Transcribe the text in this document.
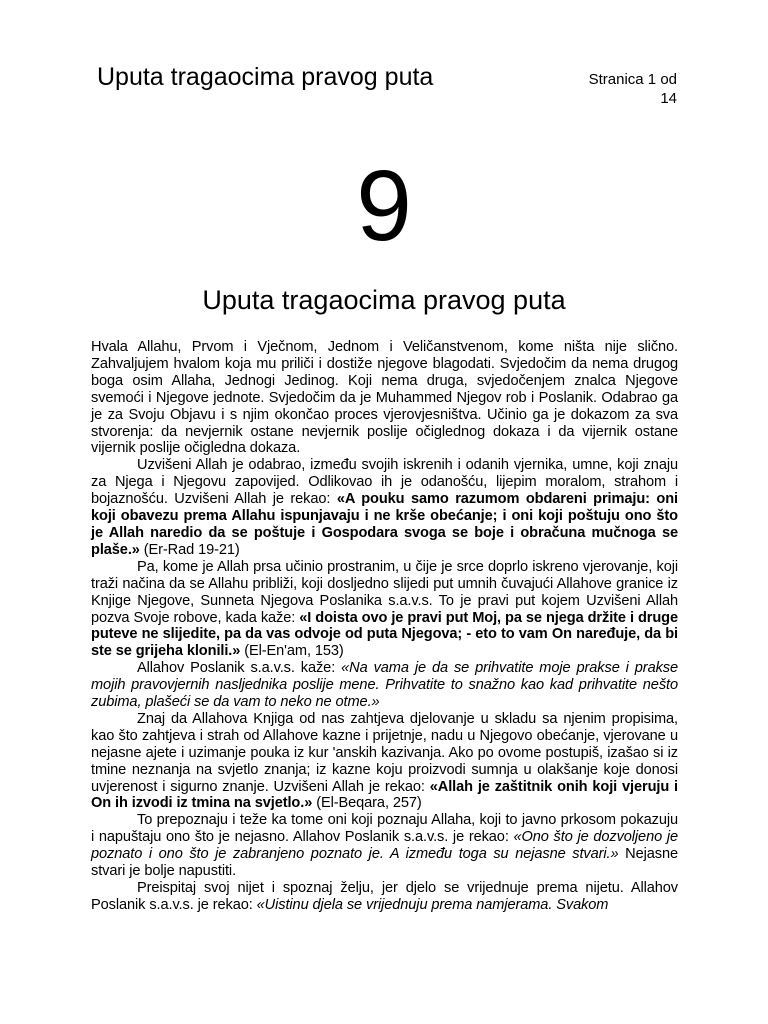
Uputa tragaocima pravog puta	Stranica 1 od
14
9
Uputa tragaocima pravog puta

Hvala Allahu, Prvom i Vječnom, Jednom i Veličanstvenom, kome ništa nije slično. Zahvaljujem hvalom koja mu priliči i dostiže njegove blagodati. Svjedočim da nema drugog boga osim Allaha, Jednogi Jedinog. Koji nema druga, svjedočenjem znalca Njegove svemoći i Njegove jednote. Svjedočim da je Muhammed Njegov rob i Poslanik. Odabrao ga je za Svoju Objavu i s njim okončao proces vjerovjesništva. Učinio ga je dokazom za sva stvorenja: da nevjernik ostane nevjernik poslije očiglednog dokaza i da vijernik ostane vijernik poslije očigledna dokaza.

Uzvišeni Allah je odabrao, između svojih iskrenih i odanih vjernika, umne, koji znaju za Njega i Njegovu zapovijed. Odlikovao ih je odanošću, lijepim moralom, strahom i bojaznošću. Uzvišeni Allah je rekao: «A pouku samo razumom obdareni primaju: oni koji obavezu prema Allahu ispunjavaju i ne krše obećanje; i oni koji poštuju ono što je Allah naredio da se poštuje i Gospodara svoga se boje i obračuna mučnoga se plaše.» (Er-Rad 19-21)

Pa, kome je Allah prsa učinio prostranim, u čije je srce doprlo iskreno vjerovanje, koji traži načina da se Allahu približi, koji dosljedno slijedi put umnih čuvajući Allahove granice iz Knjige Njegove, Sunneta Njegova Poslanika s.a.v.s. To je pravi put kojem Uzvišeni Allah pozva Svoje robove, kada kaže: «I doista ovo je pravi put Moj, pa se njega držite i druge puteve ne slijedite, pa da vas odvoje od puta Njegova; - eto to vam On naređuje, da bi ste se grijeha klonili.» (El-En'am, 153)

Allahov Poslanik s.a.v.s. kaže: «Na vama je da se prihvatite moje prakse i prakse mojih pravovjernih nasljednika poslije mene. Prihvatite to snažno kao kad prihvatite nešto zubima, plašeći se da vam to neko ne otme.»

Znaj da Allahova Knjiga od nas zahtjeva djelovanje u skladu sa njenim propisima, kao što zahtjeva i strah od Allahove kazne i prijetnje, nadu u Njegovo obećanje, vjerovane u nejasne ajete i uzimanje pouka iz kur 'anskih kazivanja. Ako po ovome postupiš, izašao si iz tmine neznanja na svjetlo znanja; iz kazne koju proizvodi sumnja u olakšanje koje donosi uvjerenost i sigurno znanje. Uzvišeni Allah je rekao: «Allah je zaštitnik onih koji vjeruju i On ih izvodi iz tmina na svjetlo.» (El-Beqara, 257)

To prepoznaju i teže ka tome oni koji poznaju Allaha, koji to javno prkosom pokazuju i napuštaju ono što je nejasno. Allahov Poslanik s.a.v.s. je rekao: «Ono što je dozvoljeno je poznato i ono što je zabranjeno poznato je. A između toga su nejasne stvari.» Nejasne stvari je bolje napustiti.

Preispitaj svoj nijet i spoznaj želju, jer djelo se vrijednuje prema nijetu. Allahov Poslanik s.a.v.s. je rekao: «Uistinu djela se vrijednuju prema namjerama. Svakom
